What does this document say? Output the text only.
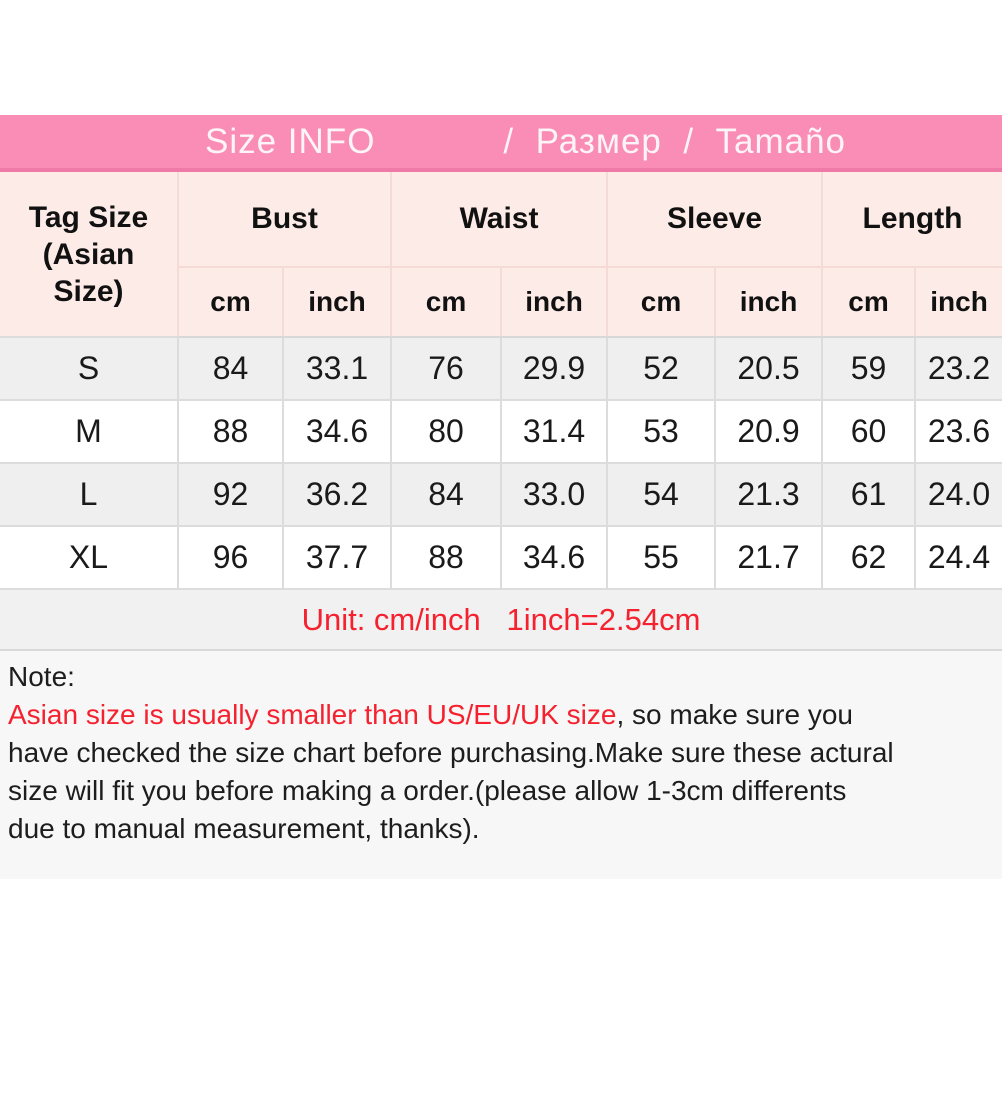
Size INFO	/  Размер  /  Tamaño
Tag Size (Asian Size)	Bust		Waist		Sleeve		Length	
	cm	inch	cm	inch	cm	inch	cm	inch
S	84	33.1	76	29.9	52	20.5	59	23.2
M	88	34.6	80	31.4	53	20.9	60	23.6
L	92	36.2	84	33.0	54	21.3	61	24.0
XL	96	37.7	88	34.6	55	21.7	62	24.4
Unit: cm/inch   1inch=2.54cm
Note:
Asian size is usually smaller than US/EU/UK size, so make sure you
have checked the size chart before purchasing.Make sure these actural
size will fit you before making a order.(please allow 1-3cm differents
due to manual measurement, thanks).
